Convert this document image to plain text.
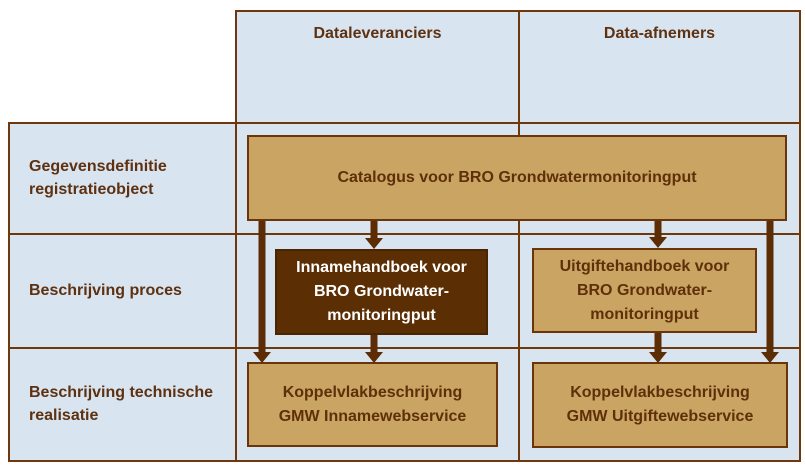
Dataleveranciers	Data-afnemers
Gegevensdefinitie registratieobject
Beschrijving proces
Beschrijving technische realisatie
Catalogus voor BRO Grondwatermonitoringput
Innamehandboek voor
BRO Grondwater-
monitoringput
Uitgiftehandboek voor
BRO Grondwater-
monitoringput
Koppelvlakbeschrijving
GMW Innamewebservice
Koppelvlakbeschrijving
GMW Uitgiftewebservice
